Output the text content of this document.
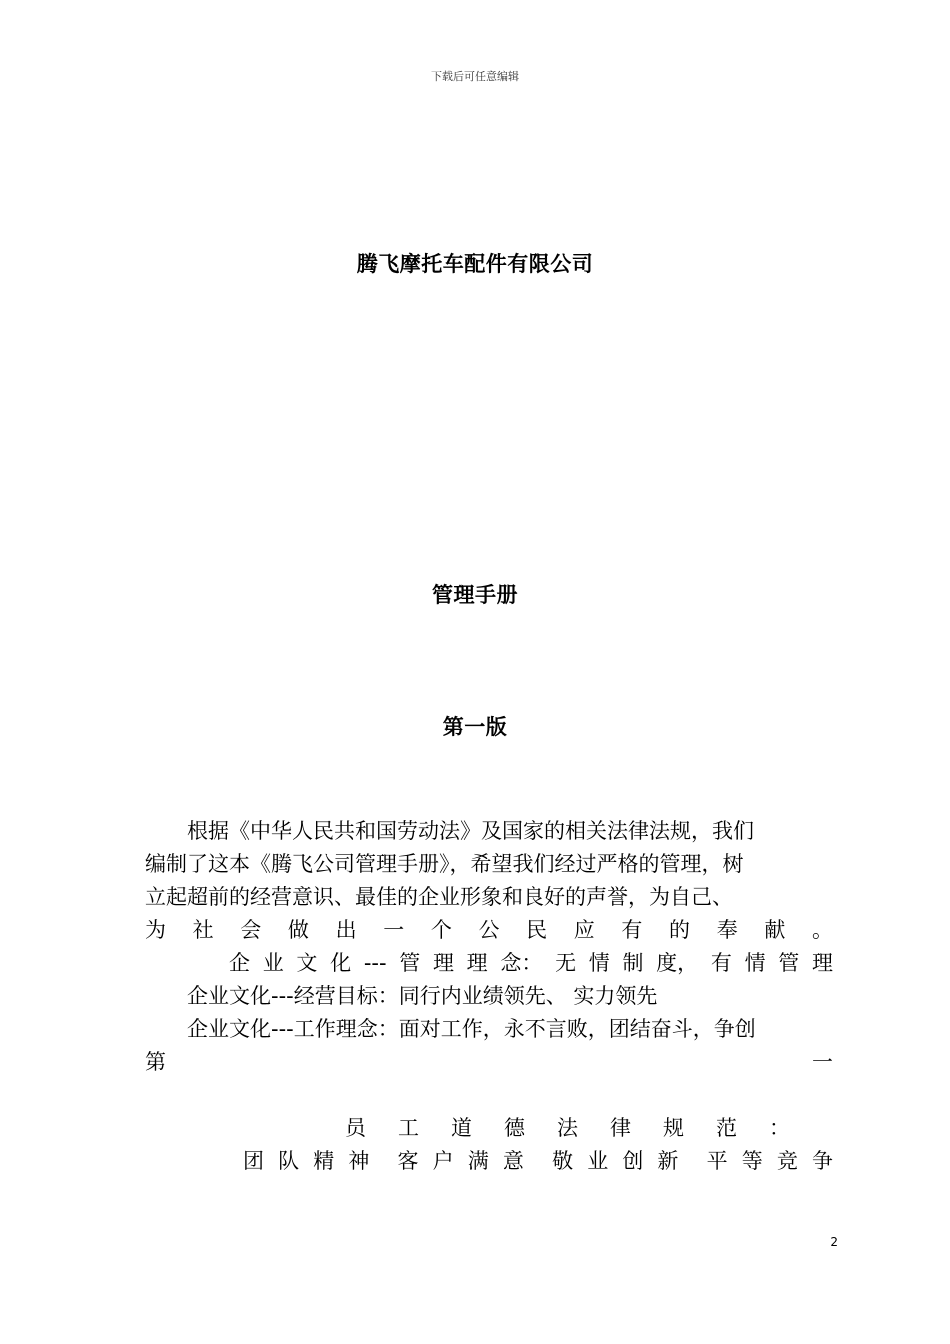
下载后可任意编辑
腾飞摩托车配件有限公司
管理手册
第一版
根据《中华人民共和国劳动法》及国家的相关法律法规，我们
编制了这本《腾飞公司管理手册》，希望我们经过严格的管理，树
立起超前的经营意识、最佳的企业形象和良好的声誉，为自己、
为 社 会 做 出 一 个 公 民 应 有 的 奉 献 。
企 业 文 化 --- 管 理 理 念： 无 情 制 度， 有 情 管 理
企业文化---经营目标：同行内业绩领先、 实力领先
企业文化---工作理念：面对工作，永不言败，团结奋斗，争创
第	一
员 工 道 德 法 律 规 范 ：
团 队 精 神 客 户 满 意 敬 业 创 新 平 等 竞 争
2
